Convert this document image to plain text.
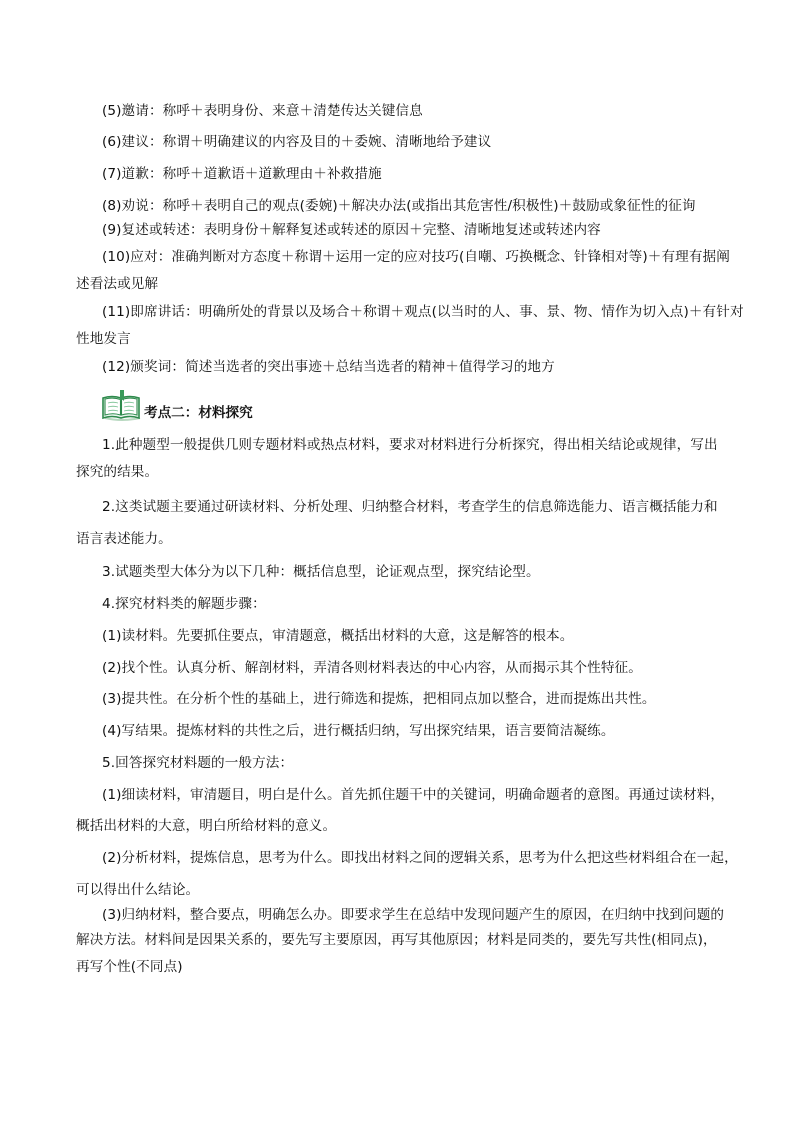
(5)邀请：称呼＋表明身份、来意＋清楚传达关键信息
(6)建议：称谓＋明确建议的内容及目的＋委婉、清晰地给予建议
(7)道歉：称呼＋道歉语＋道歉理由＋补救措施
(8)劝说：称呼＋表明自己的观点(委婉)＋解决办法(或指出其危害性/积极性)＋鼓励或象征性的征询
(9)复述或转述：表明身份＋解释复述或转述的原因＋完整、清晰地复述或转述内容
(10)应对：准确判断对方态度＋称谓＋运用一定的应对技巧(自嘲、巧换概念、针锋相对等)＋有理有据阐
述看法或见解
(11)即席讲话：明确所处的背景以及场合＋称谓＋观点(以当时的人、事、景、物、情作为切入点)＋有针对
性地发言
(12)颁奖词：简述当选者的突出事迹＋总结当选者的精神＋值得学习的地方
考点二：材料探究
1.此种题型一般提供几则专题材料或热点材料，要求对材料进行分析探究，得出相关结论或规律，写出
探究的结果。
2.这类试题主要通过研读材料、分析处理、归纳整合材料，考查学生的信息筛选能力、语言概括能力和
语言表述能力。
3.试题类型大体分为以下几种：概括信息型，论证观点型，探究结论型。
4.探究材料类的解题步骤：
(1)读材料。先要抓住要点，审清题意，概括出材料的大意，这是解答的根本。
(2)找个性。认真分析、解剖材料，弄清各则材料表达的中心内容，从而揭示其个性特征。
(3)提共性。在分析个性的基础上，进行筛选和提炼，把相同点加以整合，进而提炼出共性。
(4)写结果。提炼材料的共性之后，进行概括归纳，写出探究结果，语言要简洁凝练。
5.回答探究材料题的一般方法：
(1)细读材料，审清题目，明白是什么。首先抓住题干中的关键词，明确命题者的意图。再通过读材料，
概括出材料的大意，明白所给材料的意义。
(2)分析材料，提炼信息，思考为什么。即找出材料之间的逻辑关系，思考为什么把这些材料组合在一起，
可以得出什么结论。
(3)归纳材料，整合要点，明确怎么办。即要求学生在总结中发现问题产生的原因，在归纳中找到问题的
解决方法。材料间是因果关系的，要先写主要原因，再写其他原因；材料是同类的，要先写共性(相同点)，
再写个性(不同点)
